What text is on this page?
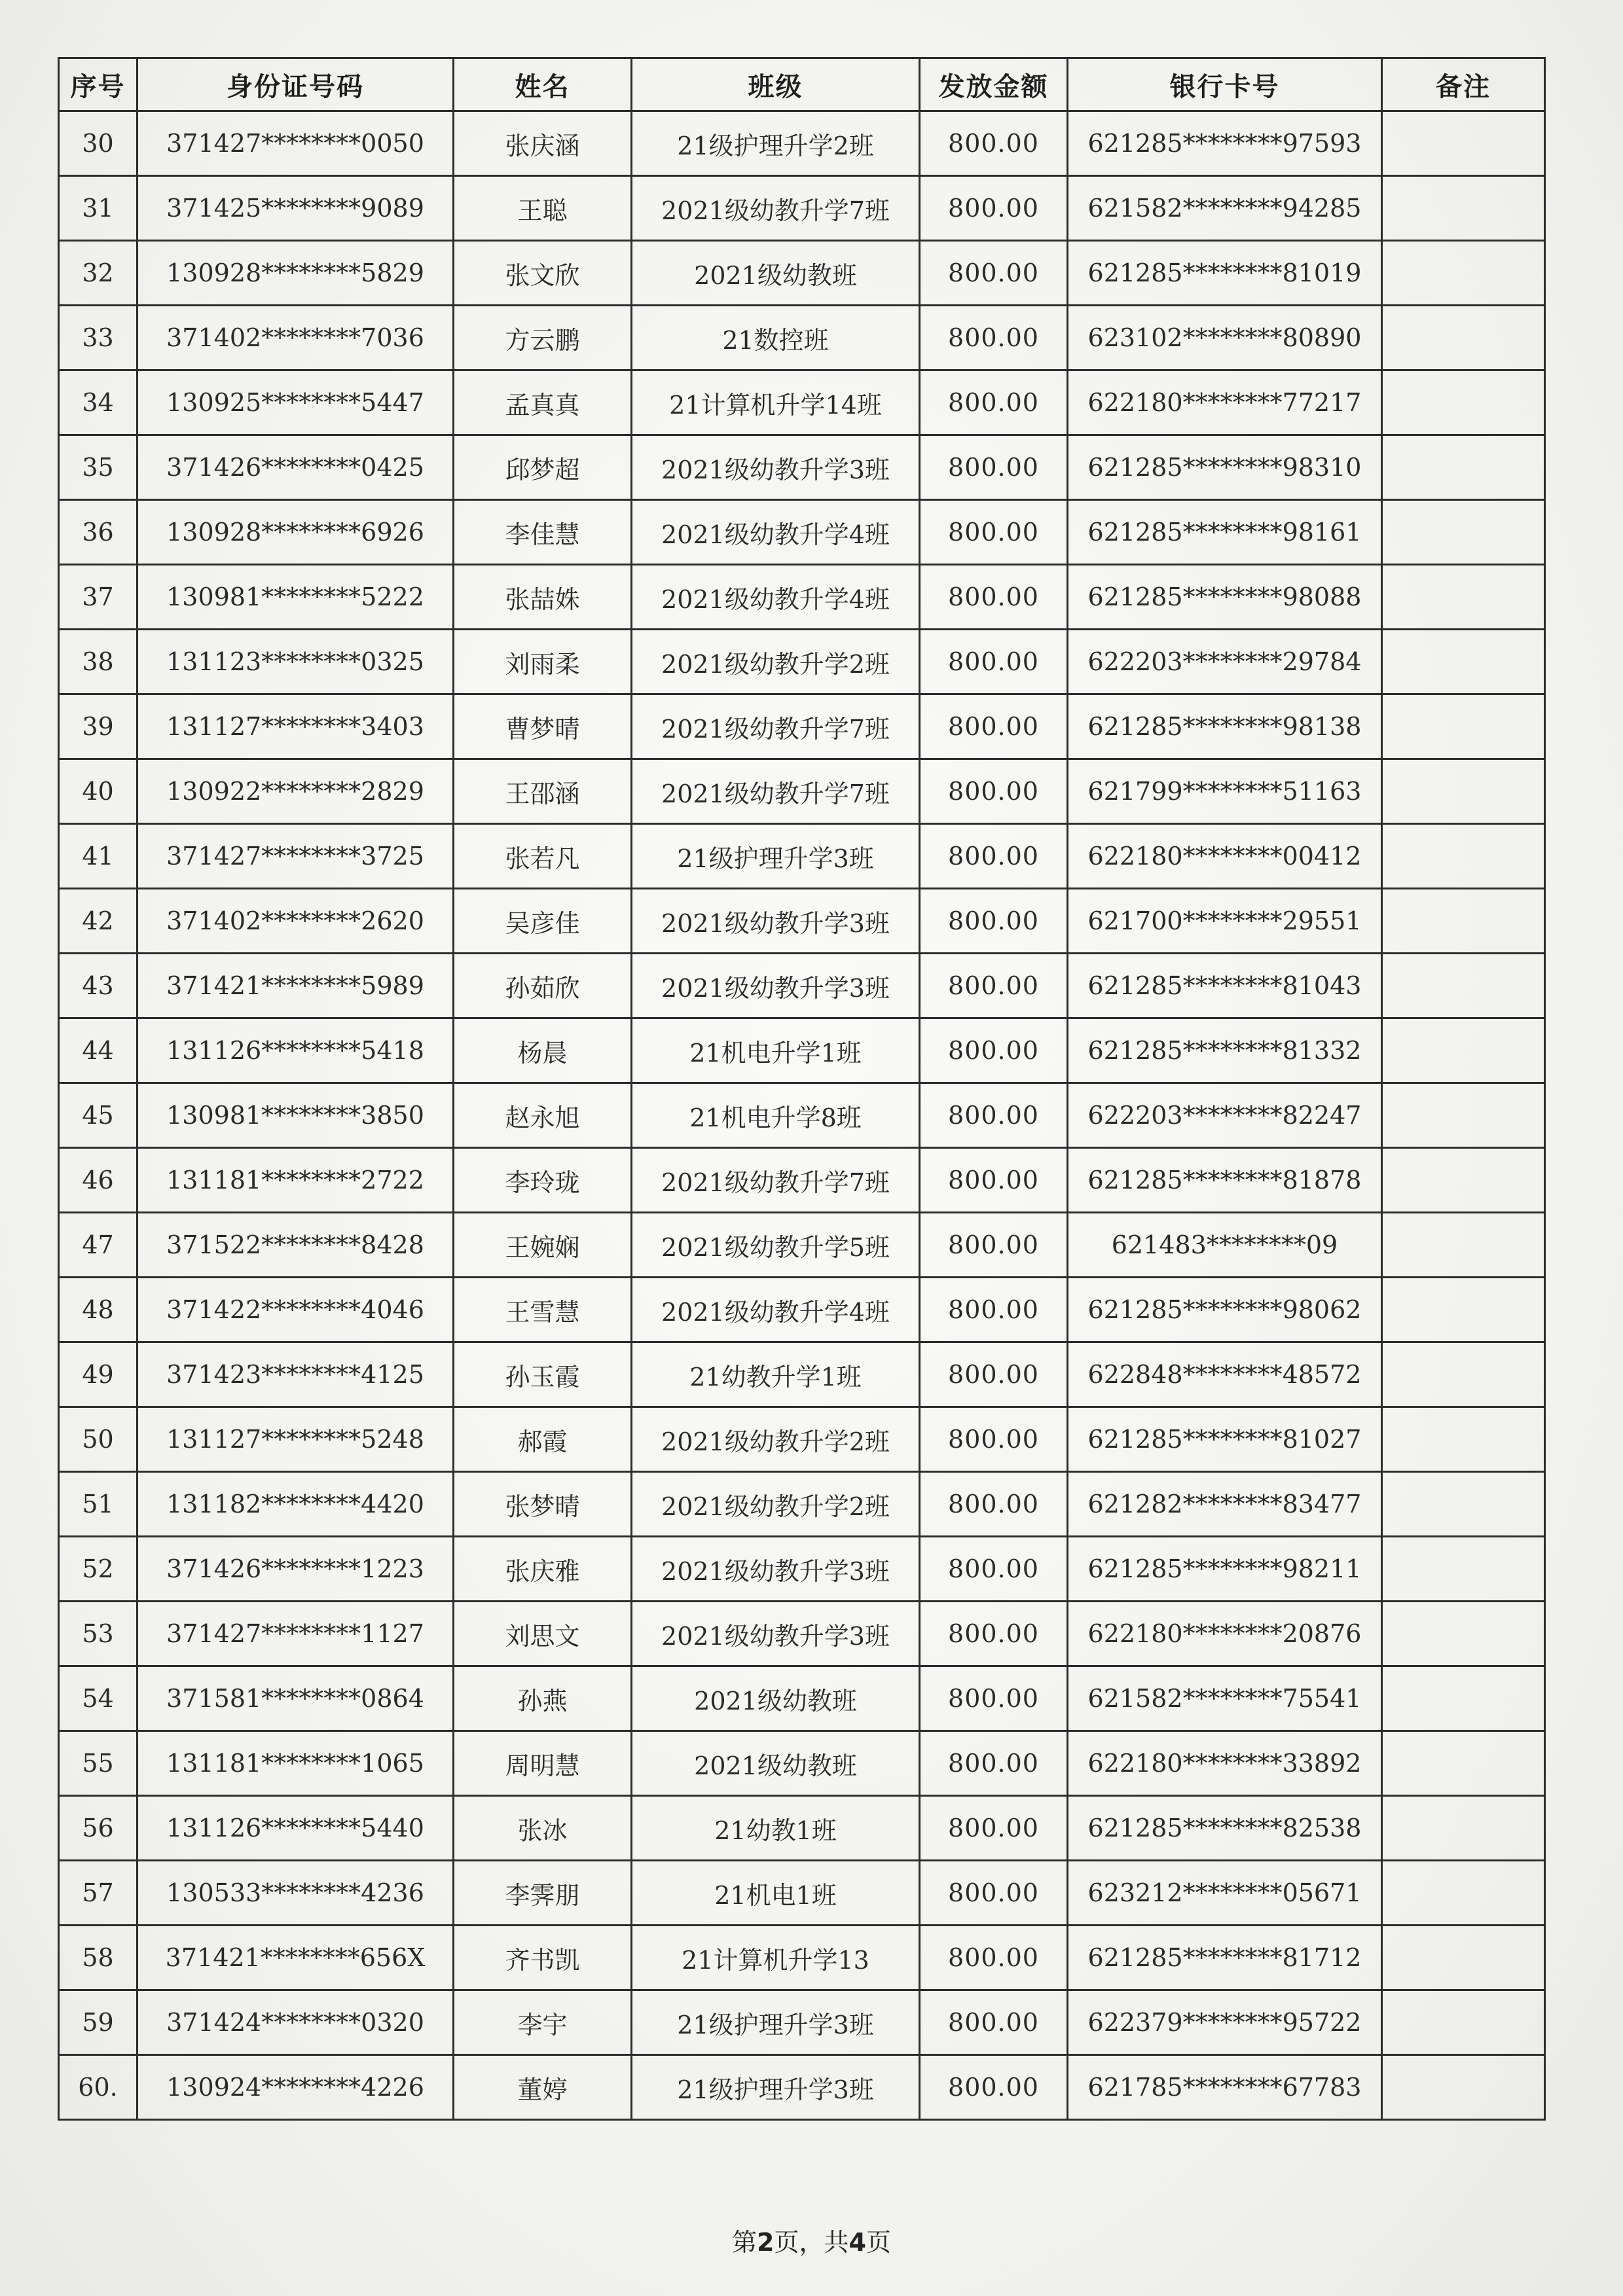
序号	身份证号码	姓名	班级	发放金额	银行卡号	备注
30	371427********0050	张庆涵	21级护理升学2班	800.00	621285********97593	
31	371425********9089	王聪	2021级幼教升学7班	800.00	621582********94285	
32	130928********5829	张文欣	2021级幼教班	800.00	621285********81019	
33	371402********7036	方云鹏	21数控班	800.00	623102********80890	
34	130925********5447	孟真真	21计算机升学14班	800.00	622180********77217	
35	371426********0425	邱梦超	2021级幼教升学3班	800.00	621285********98310	
36	130928********6926	李佳慧	2021级幼教升学4班	800.00	621285********98161	
37	130981********5222	张喆姝	2021级幼教升学4班	800.00	621285********98088	
38	131123********0325	刘雨柔	2021级幼教升学2班	800.00	622203********29784	
39	131127********3403	曹梦晴	2021级幼教升学7班	800.00	621285********98138	
40	130922********2829	王邵涵	2021级幼教升学7班	800.00	621799********51163	
41	371427********3725	张若凡	21级护理升学3班	800.00	622180********00412	
42	371402********2620	吴彦佳	2021级幼教升学3班	800.00	621700********29551	
43	371421********5989	孙茹欣	2021级幼教升学3班	800.00	621285********81043	
44	131126********5418	杨晨	21机电升学1班	800.00	621285********81332	
45	130981********3850	赵永旭	21机电升学8班	800.00	622203********82247	
46	131181********2722	李玲珑	2021级幼教升学7班	800.00	621285********81878	
47	371522********8428	王婉娴	2021级幼教升学5班	800.00	621483********09	
48	371422********4046	王雪慧	2021级幼教升学4班	800.00	621285********98062	
49	371423********4125	孙玉霞	21幼教升学1班	800.00	622848********48572	
50	131127********5248	郝霞	2021级幼教升学2班	800.00	621285********81027	
51	131182********4420	张梦晴	2021级幼教升学2班	800.00	621282********83477	
52	371426********1223	张庆雅	2021级幼教升学3班	800.00	621285********98211	
53	371427********1127	刘思文	2021级幼教升学3班	800.00	622180********20876	
54	371581********0864	孙燕	2021级幼教班	800.00	621582********75541	
55	131181********1065	周明慧	2021级幼教班	800.00	622180********33892	
56	131126********5440	张冰	21幼教1班	800.00	621285********82538	
57	130533********4236	李霁朋	21机电1班	800.00	623212********05671	
58	371421********656X	齐书凯	21计算机升学13	800.00	621285********81712	
59	371424********0320	李宇	21级护理升学3班	800.00	622379********95722	
60.	130924********4226	董婷	21级护理升学3班	800.00	621785********67783	
第2页，共4页
